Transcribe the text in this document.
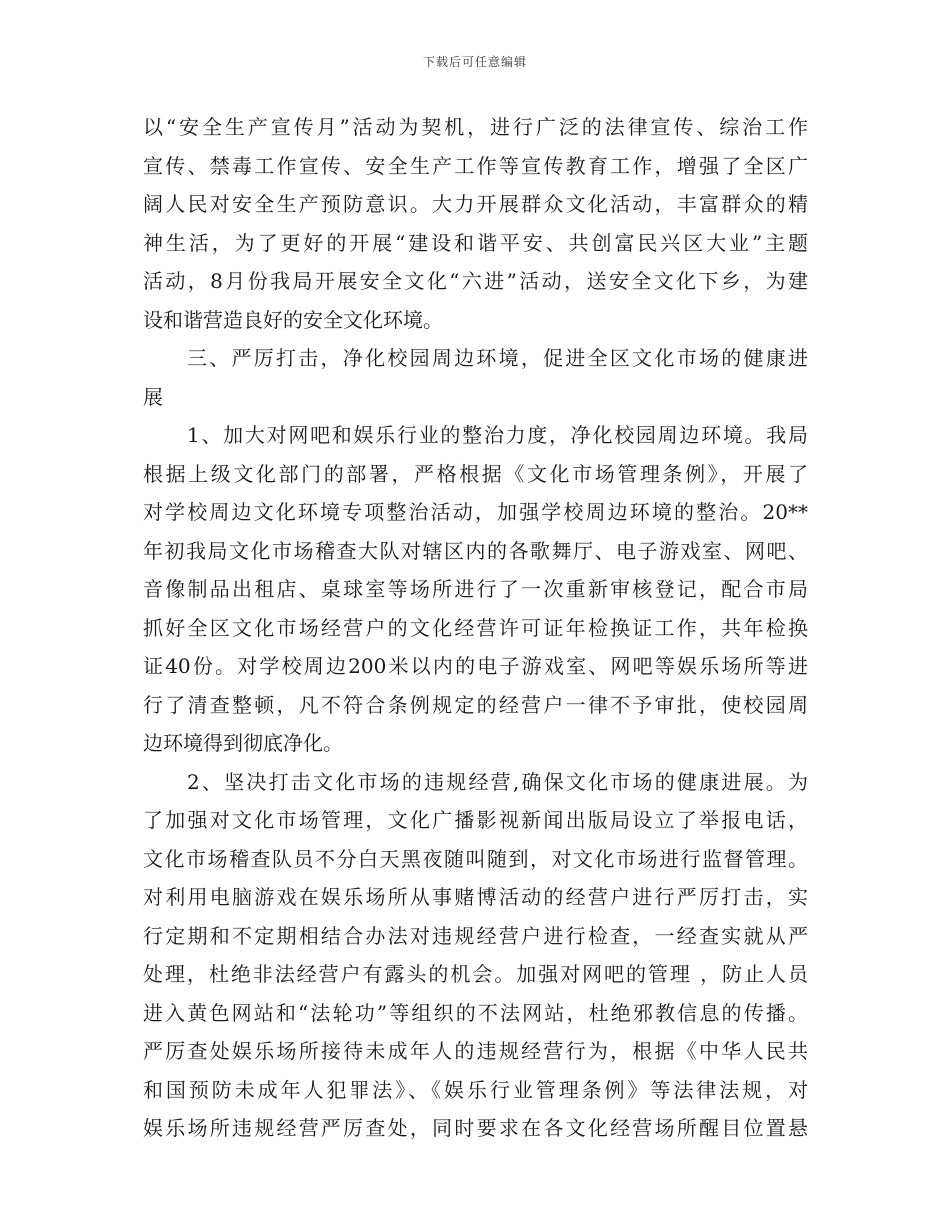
下载后可任意编辑
以“安全生产宣传月”活动为契机，进行广泛的法律宣传、综治工作
宣传、禁毒工作宣传、安全生产工作等宣传教育工作，增强了全区广
阔人民对安全生产预防意识。大力开展群众文化活动，丰富群众的精
神生活，为了更好的开展“建设和谐平安、共创富民兴区大业”主题
活动，8月份我局开展安全文化“六进”活动，送安全文化下乡，为建
设和谐营造良好的安全文化环境。
三、严厉打击，净化校园周边环境，促进全区文化市场的健康进
展
1、加大对网吧和娱乐行业的整治力度，净化校园周边环境。我局
根据上级文化部门的部署，严格根据《文化市场管理条例》，开展了
对学校周边文化环境专项整治活动，加强学校周边环境的整治。20**
年初我局文化市场稽查大队对辖区内的各歌舞厅、电子游戏室、网吧、
音像制品出租店、桌球室等场所进行了一次重新审核登记，配合市局
抓好全区文化市场经营户的文化经营许可证年检换证工作，共年检换
证40份。对学校周边200米以内的电子游戏室、网吧等娱乐场所等进
行了清查整顿，凡不符合条例规定的经营户一律不予审批，使校园周
边环境得到彻底净化。
2、坚决打击文化市场的违规经营,确保文化市场的健康进展。为
了加强对文化市场管理，文化广播影视新闻出版局设立了举报电话，
文化市场稽查队员不分白天黑夜随叫随到，对文化市场进行监督管理。
对利用电脑游戏在娱乐场所从事赌博活动的经营户进行严厉打击，实
行定期和不定期相结合办法对违规经营户进行检查，一经查实就从严
处理，杜绝非法经营户有露头的机会。加强对网吧的管理 ，防止人员
进入黄色网站和“法轮功”等组织的不法网站，杜绝邪教信息的传播。
严厉查处娱乐场所接待未成年人的违规经营行为，根据《中华人民共
和国预防未成年人犯罪法》、《娱乐行业管理条例》等法律法规，对
娱乐场所违规经营严厉查处，同时要求在各文化经营场所醒目位置悬
